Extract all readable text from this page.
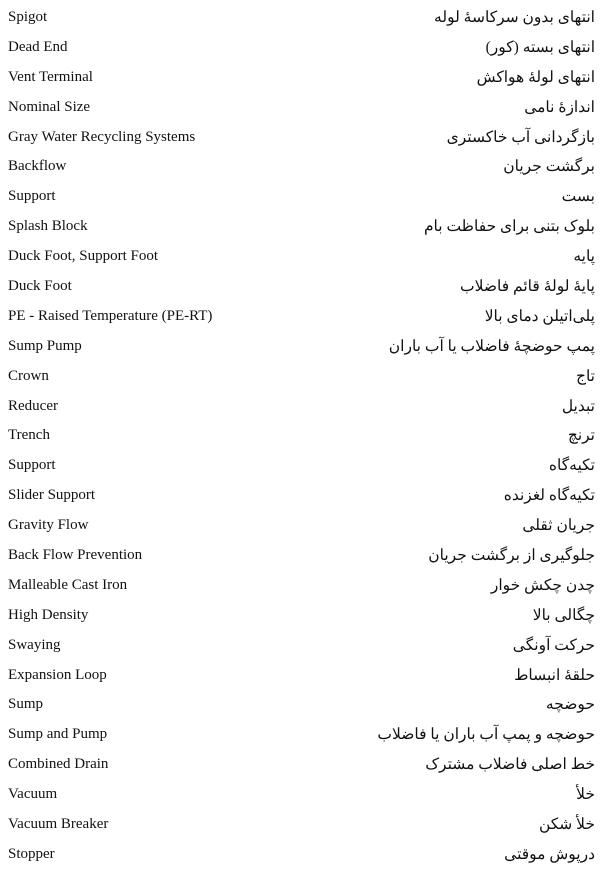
Spigot	انتهای بدون سرکاسهٔ لوله
Dead End	انتهای بسته (کور)
Vent Terminal	انتهای لولهٔ هواکش
Nominal Size	اندازهٔ نامی
Gray Water Recycling Systems	بازگردانی آب خاکستری
Backflow	برگشت جریان
Support	بست
Splash Block	بلوک بتنی برای حفاظت بام
Duck Foot, Support Foot	پایه
Duck Foot	پایهٔ لولهٔ قائم فاضلاب
PE - Raised Temperature (PE-RT)	پلی‌اتیلن دمای بالا
Sump Pump	پمپ حوضچهٔ فاضلاب یا آب باران
Crown	تاج
Reducer	تبدیل
Trench	ترنچ
Support	تکیه‌گاه
Slider Support	تکیه‌گاه لغزنده
Gravity Flow	جریان ثقلی
Back Flow Prevention	جلوگیری از برگشت جریان
Malleable Cast Iron	چدن چکش خوار
High Density	چگالی بالا
Swaying	حرکت آونگی
Expansion Loop	حلقهٔ انبساط
Sump	حوضچه
Sump and Pump	حوضچه و پمپ آب باران یا فاضلاب
Combined Drain	خط اصلی فاضلاب مشترک
Vacuum	خلأ
Vacuum Breaker	خلأ شکن
Stopper	درپوش موقتی
